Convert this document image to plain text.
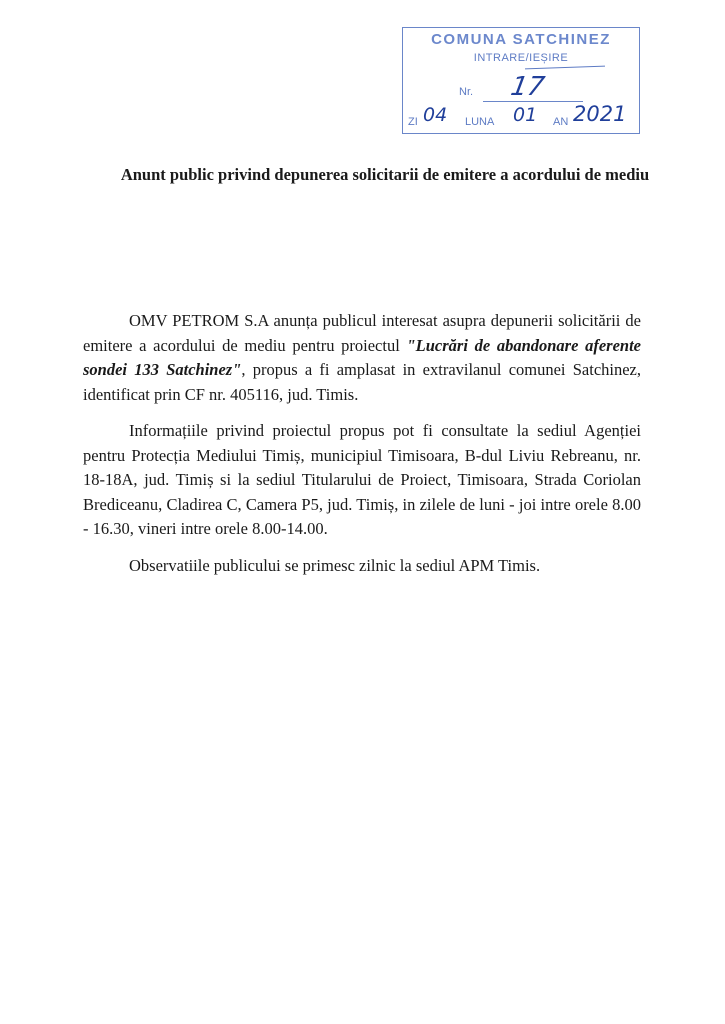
COMUNA SATCHINEZ
INTRARE/IEȘIRE
Nr. 17
ZI 04 LUNA 01 AN 2021
Anunt public privind depunerea solicitarii de emitere a acordului de mediu

OMV PETROM S.A anunța publicul interesat asupra depunerii solicitării de emitere a acordului de mediu pentru proiectul "Lucrări de abandonare aferente sondei 133 Satchinez", propus a fi amplasat in extravilanul comunei Satchinez, identificat prin CF nr. 405116, jud. Timis.

Informațiile privind proiectul propus pot fi consultate la sediul Agenției pentru Protecția Mediului Timiș, municipiul Timisoara, B-dul Liviu Rebreanu, nr. 18-18A, jud. Timiș si la sediul Titularului de Proiect, Timisoara, Strada Coriolan Brediceanu, Cladirea C, Camera P5, jud. Timiș, in zilele de luni - joi intre orele 8.00 - 16.30, vineri intre orele 8.00-14.00.

Observatiile publicului se primesc zilnic la sediul APM Timis.
